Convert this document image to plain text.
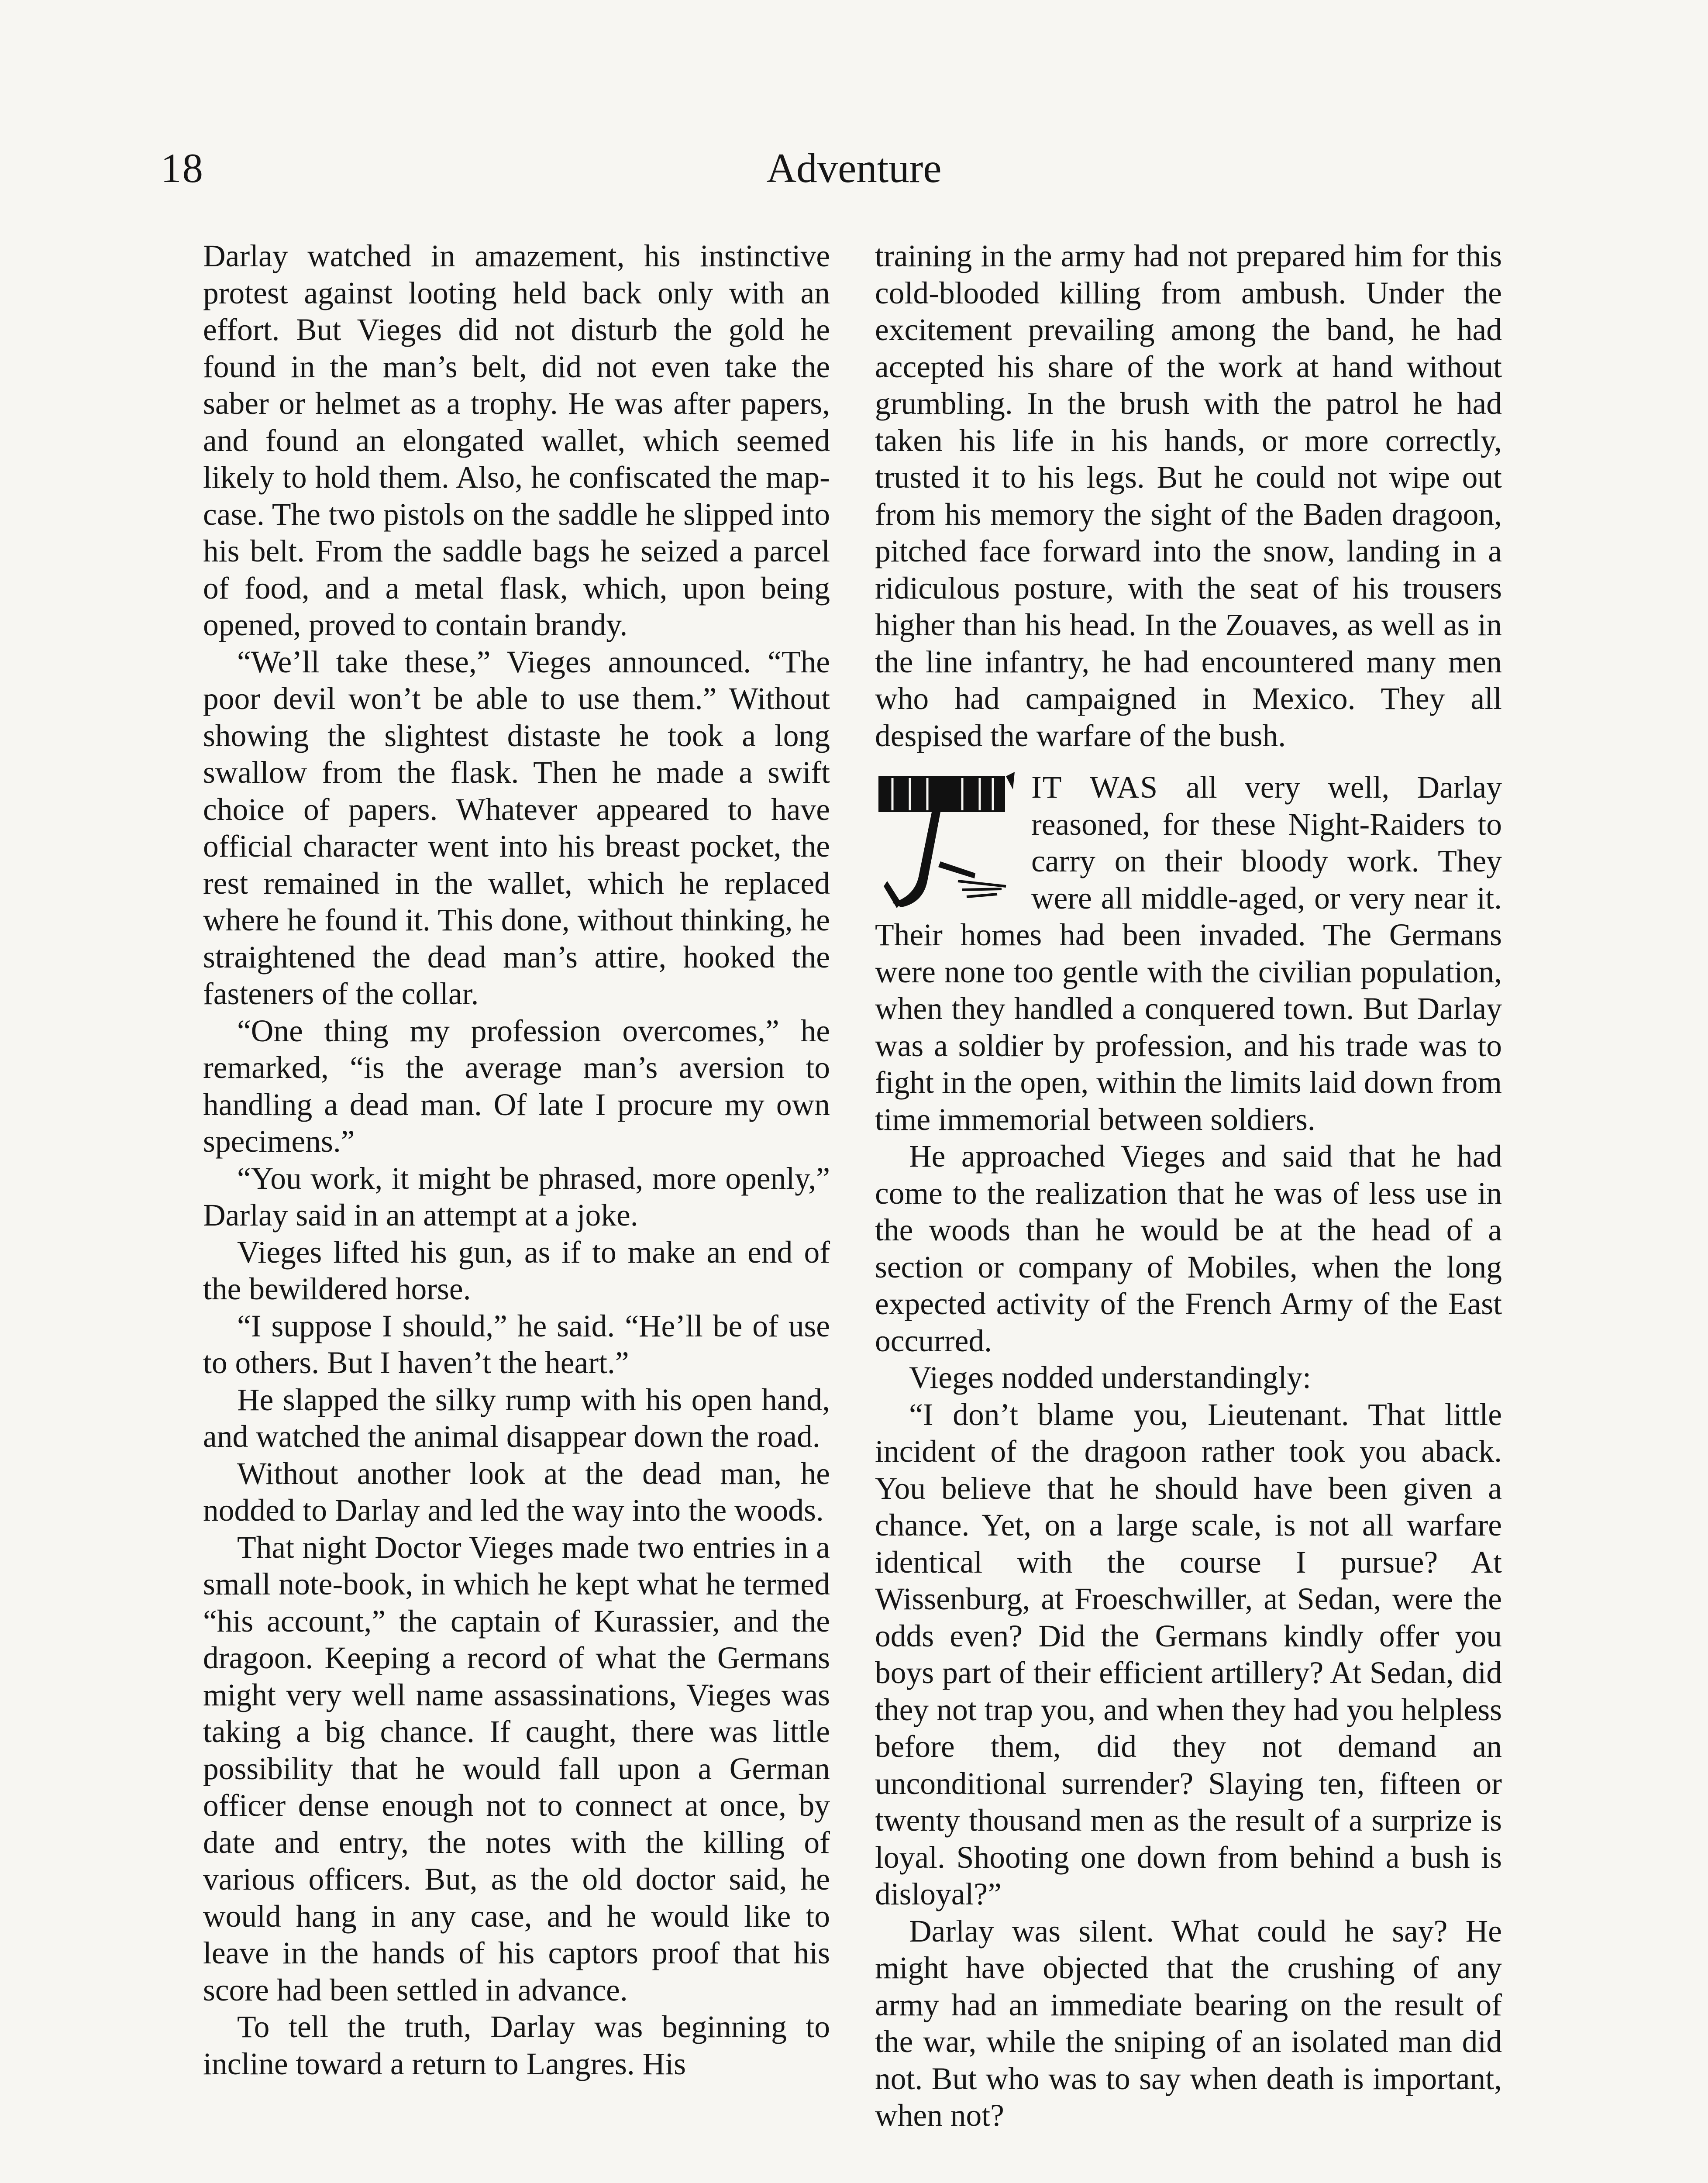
18	Adventure

Darlay watched in amazement, his instinctive protest against looting held back only with an effort. But Vieges did not disturb the gold he found in the man’s belt, did not even take the saber or helmet as a trophy. He was after papers, and found an elongated wallet, which seemed likely to hold them. Also, he confiscated the map-case. The two pistols on the saddle he slipped into his belt. From the saddle bags he seized a parcel of food, and a metal flask, which, upon being opened, proved to contain brandy.

“We’ll take these,” Vieges announced. “The poor devil won’t be able to use them.” Without showing the slightest distaste he took a long swallow from the flask. Then he made a swift choice of papers. Whatever appeared to have official character went into his breast pocket, the rest remained in the wallet, which he replaced where he found it. This done, without thinking, he straightened the dead man’s attire, hooked the fasteners of the collar.

“One thing my profession overcomes,” he remarked, “is the average man’s aversion to handling a dead man. Of late I procure my own specimens.”

“You work, it might be phrased, more openly,” Darlay said in an attempt at a joke.

Vieges lifted his gun, as if to make an end of the bewildered horse.

“I suppose I should,” he said. “He’ll be of use to others. But I haven’t the heart.”

He slapped the silky rump with his open hand, and watched the animal disappear down the road.

Without another look at the dead man, he nodded to Darlay and led the way into the woods.

That night Doctor Vieges made two entries in a small note-book, in which he kept what he termed “his account,” the captain of Kurassier, and the dragoon. Keeping a record of what the Germans might very well name assassinations, Vieges was taking a big chance. If caught, there was little possibility that he would fall upon a German officer dense enough not to connect at once, by date and entry, the notes with the killing of various officers. But, as the old doctor said, he would hang in any case, and he would like to leave in the hands of his captors proof that his score had been settled in advance.

To tell the truth, Darlay was beginning to incline toward a return to Langres. His

training in the army had not prepared him for this cold-blooded killing from ambush. Under the excitement prevailing among the band, he had accepted his share of the work at hand without grumbling. In the brush with the patrol he had taken his life in his hands, or more correctly, trusted it to his legs. But he could not wipe out from his memory the sight of the Baden dragoon, pitched face forward into the snow, landing in a ridiculous posture, with the seat of his trousers higher than his head. In the Zouaves, as well as in the line infantry, he had encountered many men who had campaigned in Mexico. They all despised the warfare of the bush.

IT WAS all very well, Darlay reasoned, for these Night-Raiders to carry on their bloody work. They were all middle-aged, or very near it. Their homes had been invaded. The Germans were none too gentle with the civilian population, when they handled a conquered town. But Darlay was a soldier by profession, and his trade was to fight in the open, within the limits laid down from time immemorial between soldiers.

He approached Vieges and said that he had come to the realization that he was of less use in the woods than he would be at the head of a section or company of Mobiles, when the long expected activity of the French Army of the East occurred.

Vieges nodded understandingly:

“I don’t blame you, Lieutenant. That little incident of the dragoon rather took you aback. You believe that he should have been given a chance. Yet, on a large scale, is not all warfare identical with the course I pursue? At Wissenburg, at Froeschwiller, at Sedan, were the odds even? Did the Germans kindly offer you boys part of their efficient artillery? At Sedan, did they not trap you, and when they had you helpless before them, did they not demand an unconditional surrender? Slaying ten, fifteen or twenty thousand men as the result of a surprize is loyal. Shooting one down from behind a bush is disloyal?”

Darlay was silent. What could he say? He might have objected that the crushing of any army had an immediate bearing on the result of the war, while the sniping of an isolated man did not. But who was to say when death is important, when not?
